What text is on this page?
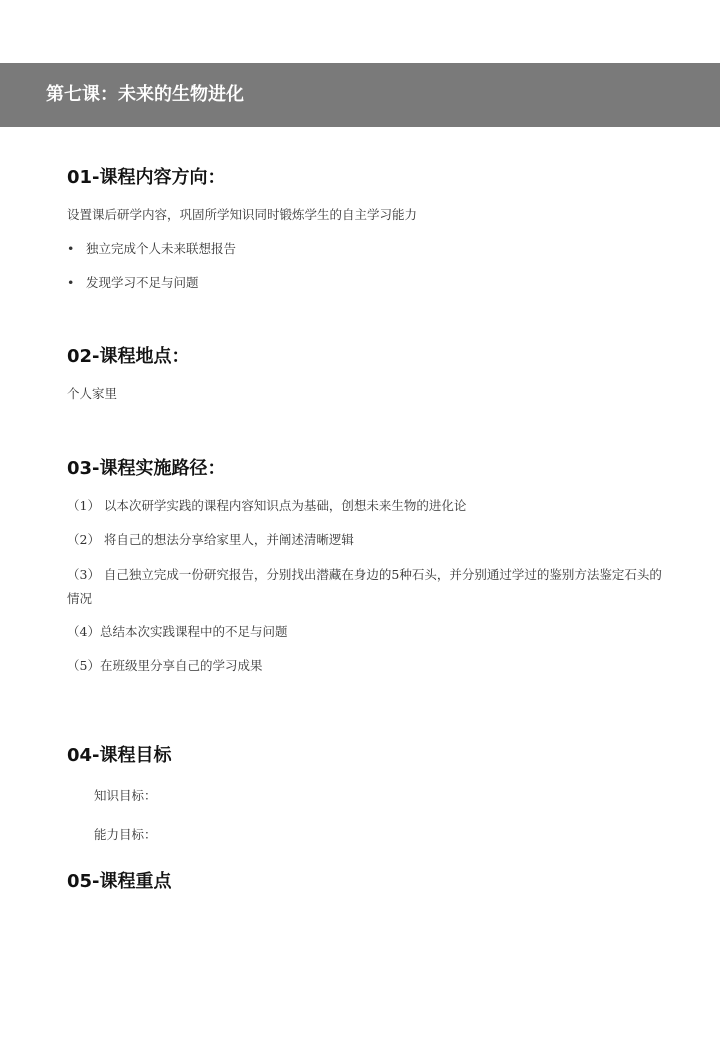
第七课：未来的生物进化
01-课程内容方向：
设置课后研学内容，巩固所学知识同时锻炼学生的自主学习能力
• 独立完成个人未来联想报告
• 发现学习不足与问题
02-课程地点：
个人家里
03-课程实施路径：
（1） 以本次研学实践的课程内容知识点为基础，创想未来生物的进化论
（2） 将自己的想法分享给家里人，并阐述清晰逻辑
（3） 自己独立完成一份研究报告，分别找出潜藏在身边的5种石头，并分别通过学过的鉴别方法鉴定石头的情况
（4）总结本次实践课程中的不足与问题
（5）在班级里分享自己的学习成果
04-课程目标
知识目标：
能力目标：
05-课程重点
